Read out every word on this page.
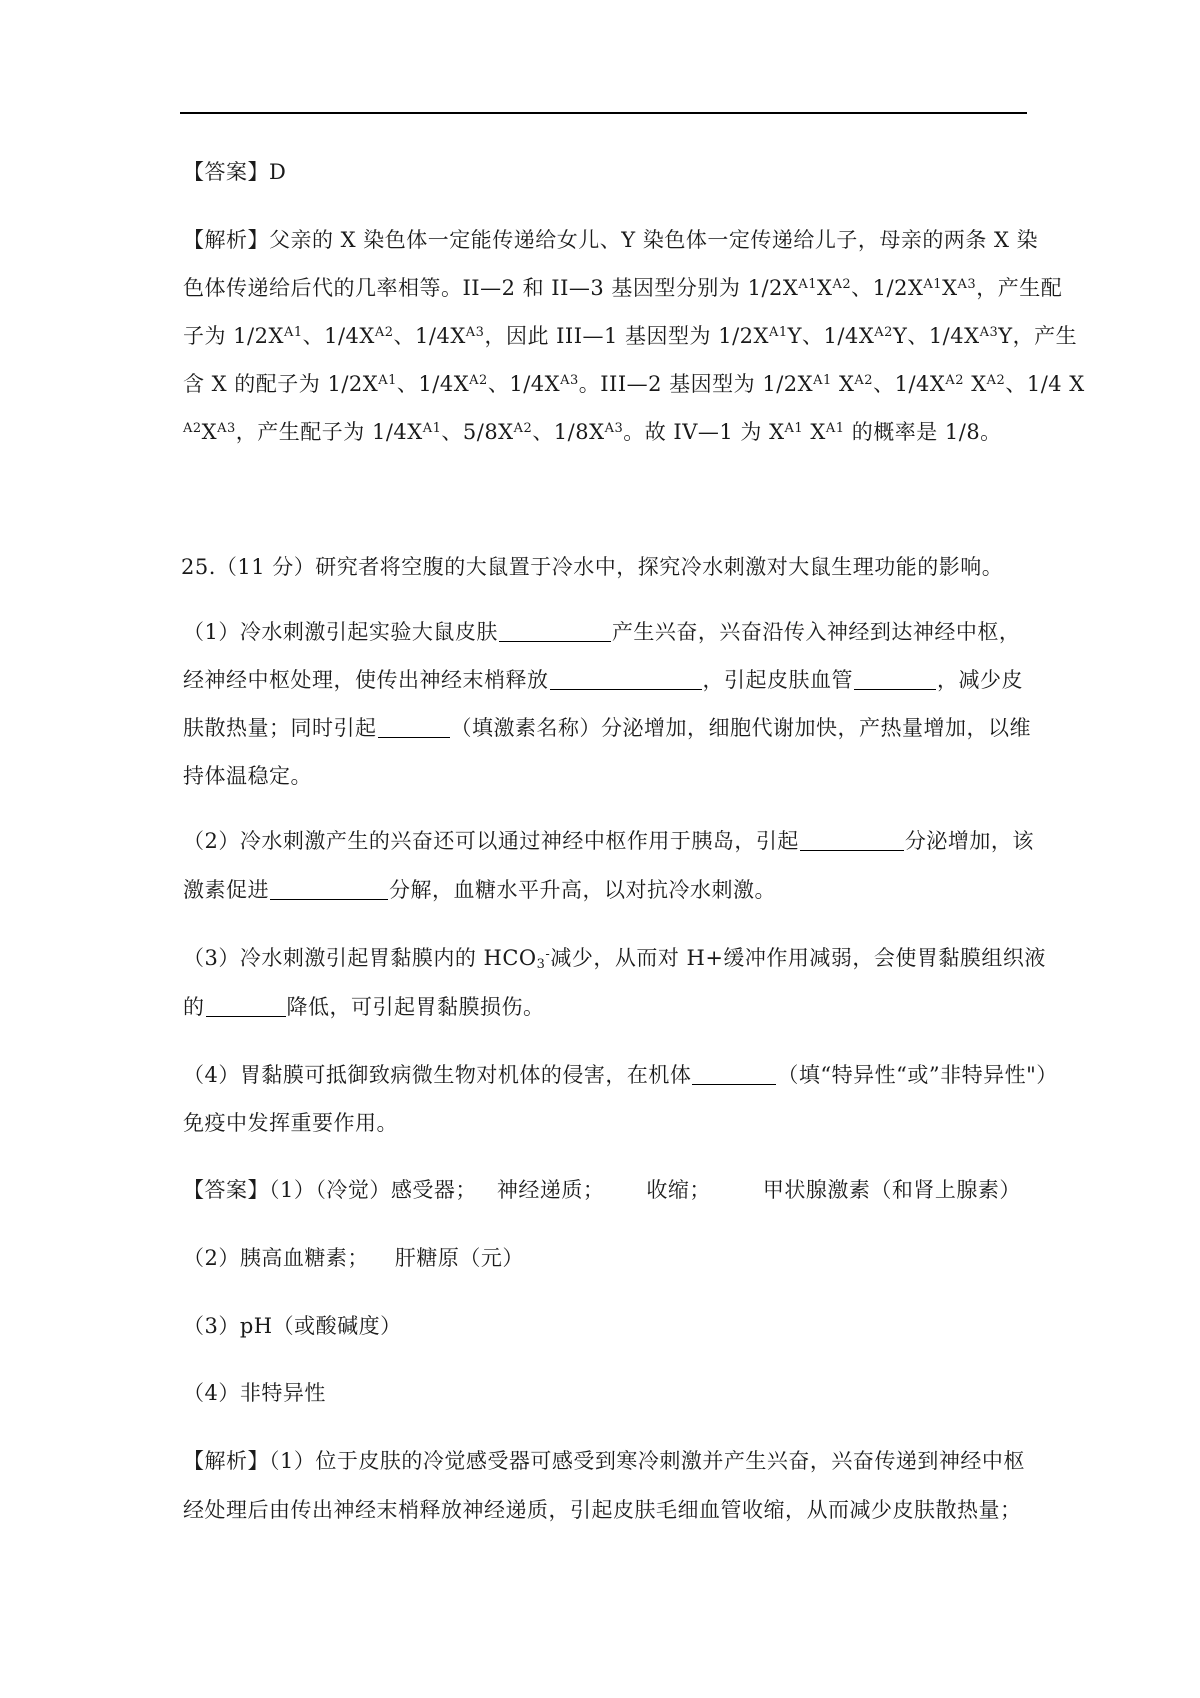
【答案】D
【解析】父亲的 X 染色体一定能传递给女儿、Y 染色体一定传递给儿子，母亲的两条 X 染
色体传递给后代的几率相等。II—2 和 II—3 基因型分别为 $1/2X^{A1}X^{A2}$、$1/2X^{A1}X^{A3}$，产生配
子为 $1/2X^{A1}$、$1/4X^{A2}$、$1/4X^{A3}$，因此 III—1 基因型为 $1/2X^{A1}Y$、$1/4X^{A2}Y$、$1/4X^{A3}Y$，产生
含 X 的配子为 $1/2X^{A1}$、$1/4X^{A2}$、$1/4X^{A3}$。III—2 基因型为 $1/2X^{A1}$ $X^{A2}$、$1/4X^{A2}$ $X^{A2}$、1/4 X
$^{A2}X^{A3}$，产生配子为 $1/4X^{A1}$、$5/8X^{A2}$、$1/8X^{A3}$。故 IV—1 为 $X^{A1}$ $X^{A1}$ 的概率是 1/8。
25.（11 分）研究者将空腹的大鼠置于冷水中，探究冷水刺激对大鼠生理功能的影响。
（1）冷水刺激引起实验大鼠皮肤	产生兴奋，兴奋沿传入神经到达神经中枢，
经神经中枢处理，使传出神经末梢释放	，引起皮肤血管	，减少皮
肤散热量；同时引起	（填激素名称）分泌增加，细胞代谢加快，产热量增加，以维
持体温稳定。
（2）冷水刺激产生的兴奋还可以通过神经中枢作用于胰岛，引起	分泌增加，该
激素促进	分解，血糖水平升高，以对抗冷水刺激。
（3）冷水刺激引起胃黏膜内的 $HCO_3^-$减少，从而对 H+缓冲作用减弱，会使胃黏膜组织液
的	降低，可引起胃黏膜损伤。
（4）胃黏膜可抵御致病微生物对机体的侵害，在机体	（填“特异性“或”非特异性"）
免疫中发挥重要作用。
【答案】（1）（冷觉）感受器； 神经递质； 收缩； 甲状腺激素（和肾上腺素）
（2）胰高血糖素； 肝糖原（元）
（3）pH（或酸碱度）
（4）非特异性
【解析】（1）位于皮肤的冷觉感受器可感受到寒冷刺激并产生兴奋，兴奋传递到神经中枢
经处理后由传出神经末梢释放神经递质，引起皮肤毛细血管收缩，从而减少皮肤散热量；
